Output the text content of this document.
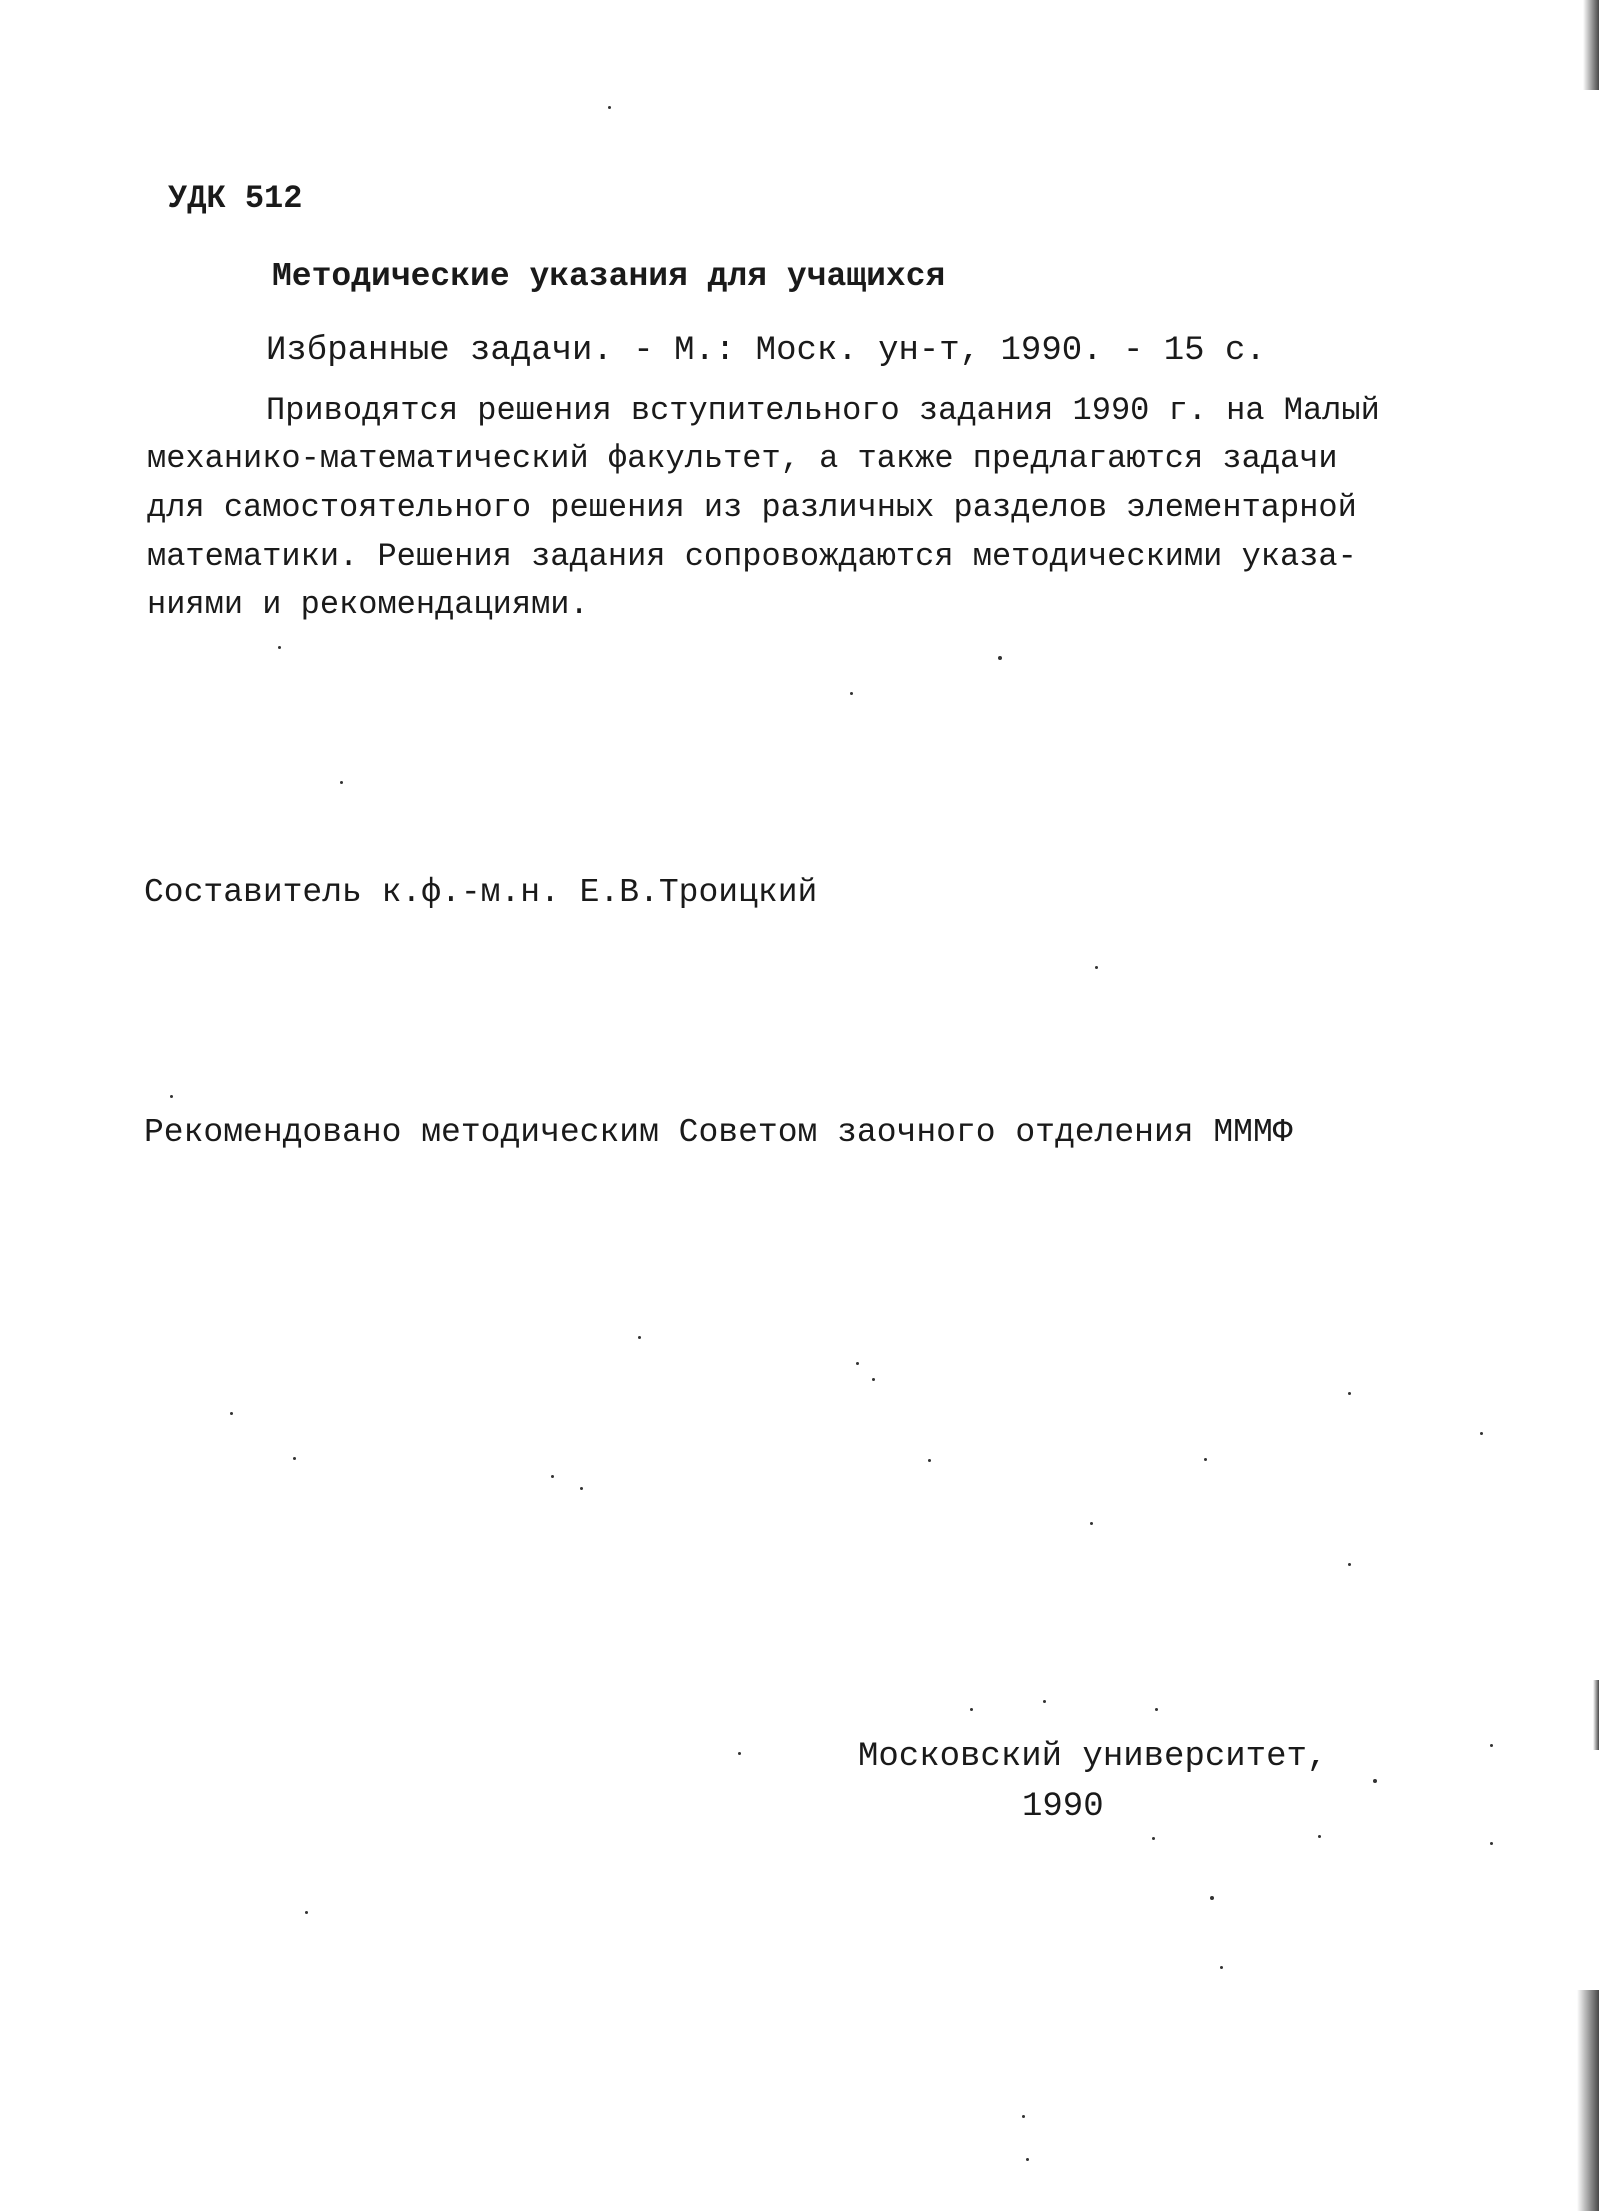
УДК 512
Методические указания для учащихся
Избранные задачи. - М.: Моск. ун-т, 1990. - 15 с.
Приводятся решения вступительного задания 1990 г. на Малый
механико-математический факультет, а также предлагаются задачи
для самостоятельного решения из различных разделов элементарной
математики. Решения задания сопровождаются методическими указа-
ниями и рекомендациями.
Составитель к.ф.-м.н. Е.В.Троицкий
Рекомендовано методическим Советом заочного отделения МММФ
Московский университет,
1990
